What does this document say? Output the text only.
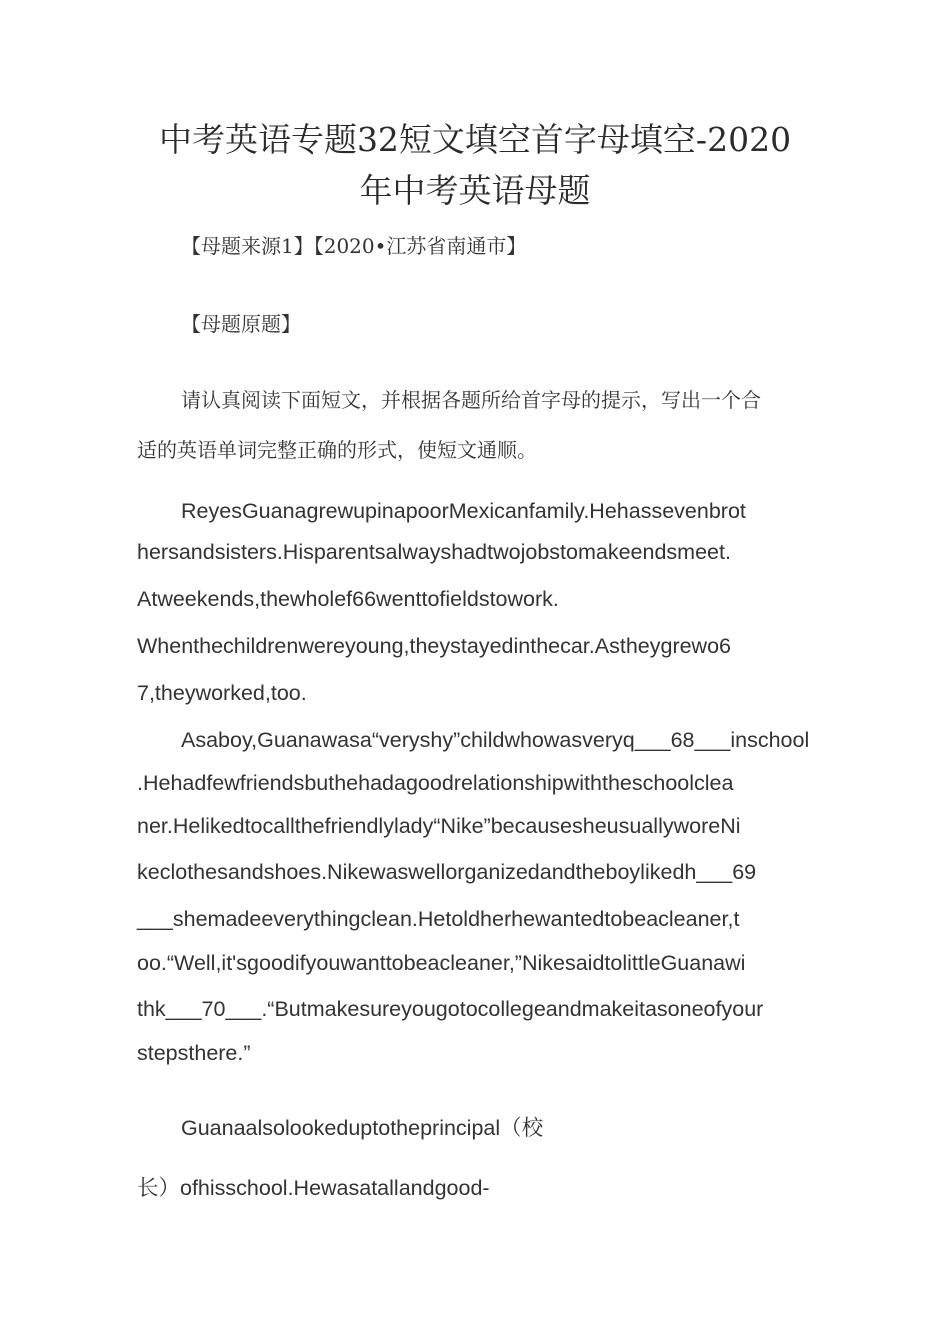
中考英语专题32短文填空首字母填空-2020
年中考英语母题
【母题来源1】【2020•江苏省南通市】
【母题原题】
请认真阅读下面短文，并根据各题所给首字母的提示，写出一个合
适的英语单词完整正确的形式，使短文通顺。
ReyesGuanagrewupinapoorMexicanfamily.Hehassevenbrot
hersandsisters.Hisparentsalwayshadtwojobstomakeendsmeet.
Atweekends,thewholef66wenttofieldstowork.
Whenthechildrenwereyoung,theystayedinthecar.Astheygrewo6
7,theyworked,too.
Asaboy,Guanawasa“veryshy”childwhowasveryq___68___inschool
.Hehadfewfriendsbuthehadagoodrelationshipwiththeschoolclea
ner.Helikedtocallthefriendlylady“Nike”becausesheusuallyworeNi
keclothesandshoes.Nikewaswellorganizedandtheboylikedh___69
___shemadeeverythingclean.Hetoldherhewantedtobeacleaner,t
oo.“Well,it'sgoodifyouwanttobeacleaner,”NikesaidtolittleGuanawi
thk___70___.“Butmakesureyougotocollegeandmakeitasoneofyour
stepsthere.”
Guanaalsolookeduptotheprincipal（校
长）ofhisschool.Hewasatallandgood-
